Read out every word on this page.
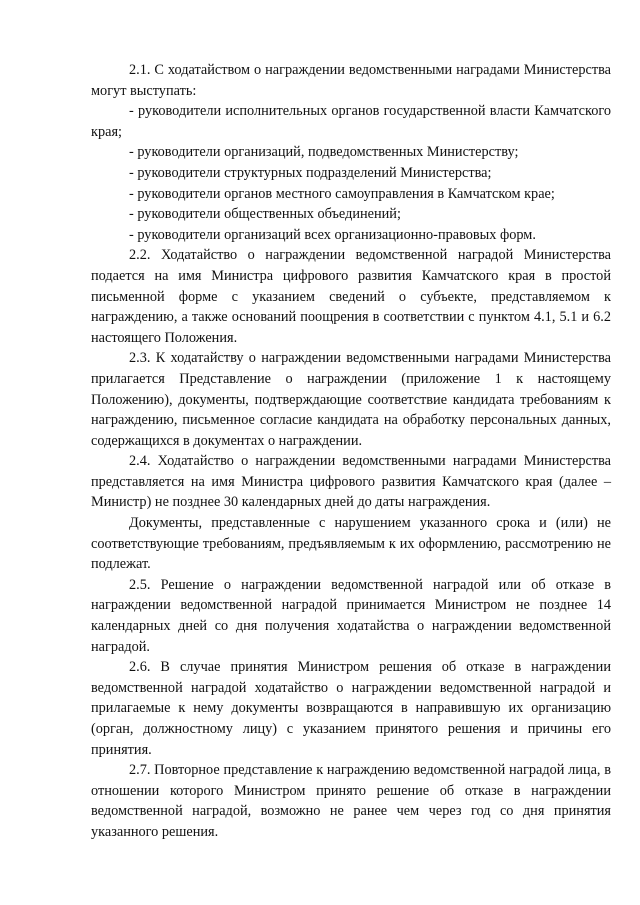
2.1. С ходатайством о награждении ведомственными наградами Министерства могут выступать:

- руководители исполнительных органов государственной власти Камчатского края;

- руководители организаций, подведомственных Министерству;

- руководители структурных подразделений Министерства;

- руководители органов местного самоуправления в Камчатском крае;

- руководители общественных объединений;

- руководители организаций всех организационно-правовых форм.

2.2. Ходатайство о награждении ведомственной наградой Министерства подается на имя Министра цифрового развития Камчатского края в простой письменной форме с указанием сведений о субъекте, представляемом к награждению, а также оснований поощрения в соответствии с пунктом 4.1, 5.1 и 6.2 настоящего Положения.

2.3. К ходатайству о награждении ведомственными наградами Министерства прилагается Представление о награждении (приложение 1 к настоящему Положению), документы, подтверждающие соответствие кандидата требованиям к награждению, письменное согласие кандидата на обработку персональных данных, содержащихся в документах о награждении.

2.4. Ходатайство о награждении ведомственными наградами Министерства представляется на имя Министра цифрового развития Камчатского края (далее – Министр) не позднее 30 календарных дней до даты награждения.

Документы, представленные с нарушением указанного срока и (или) не соответствующие требованиям, предъявляемым к их оформлению, рассмотрению не подлежат.

2.5. Решение о награждении ведомственной наградой или об отказе в награждении ведомственной наградой принимается Министром не позднее 14 календарных дней со дня получения ходатайства о награждении ведомственной наградой.

2.6. В случае принятия Министром решения об отказе в награждении ведомственной наградой ходатайство о награждении ведомственной наградой и прилагаемые к нему документы возвращаются в направившую их организацию (орган, должностному лицу) с указанием принятого решения и причины его принятия.

2.7. Повторное представление к награждению ведомственной наградой лица, в отношении которого Министром принято решение об отказе в награждении ведомственной наградой, возможно не ранее чем через год со дня принятия указанного решения.
